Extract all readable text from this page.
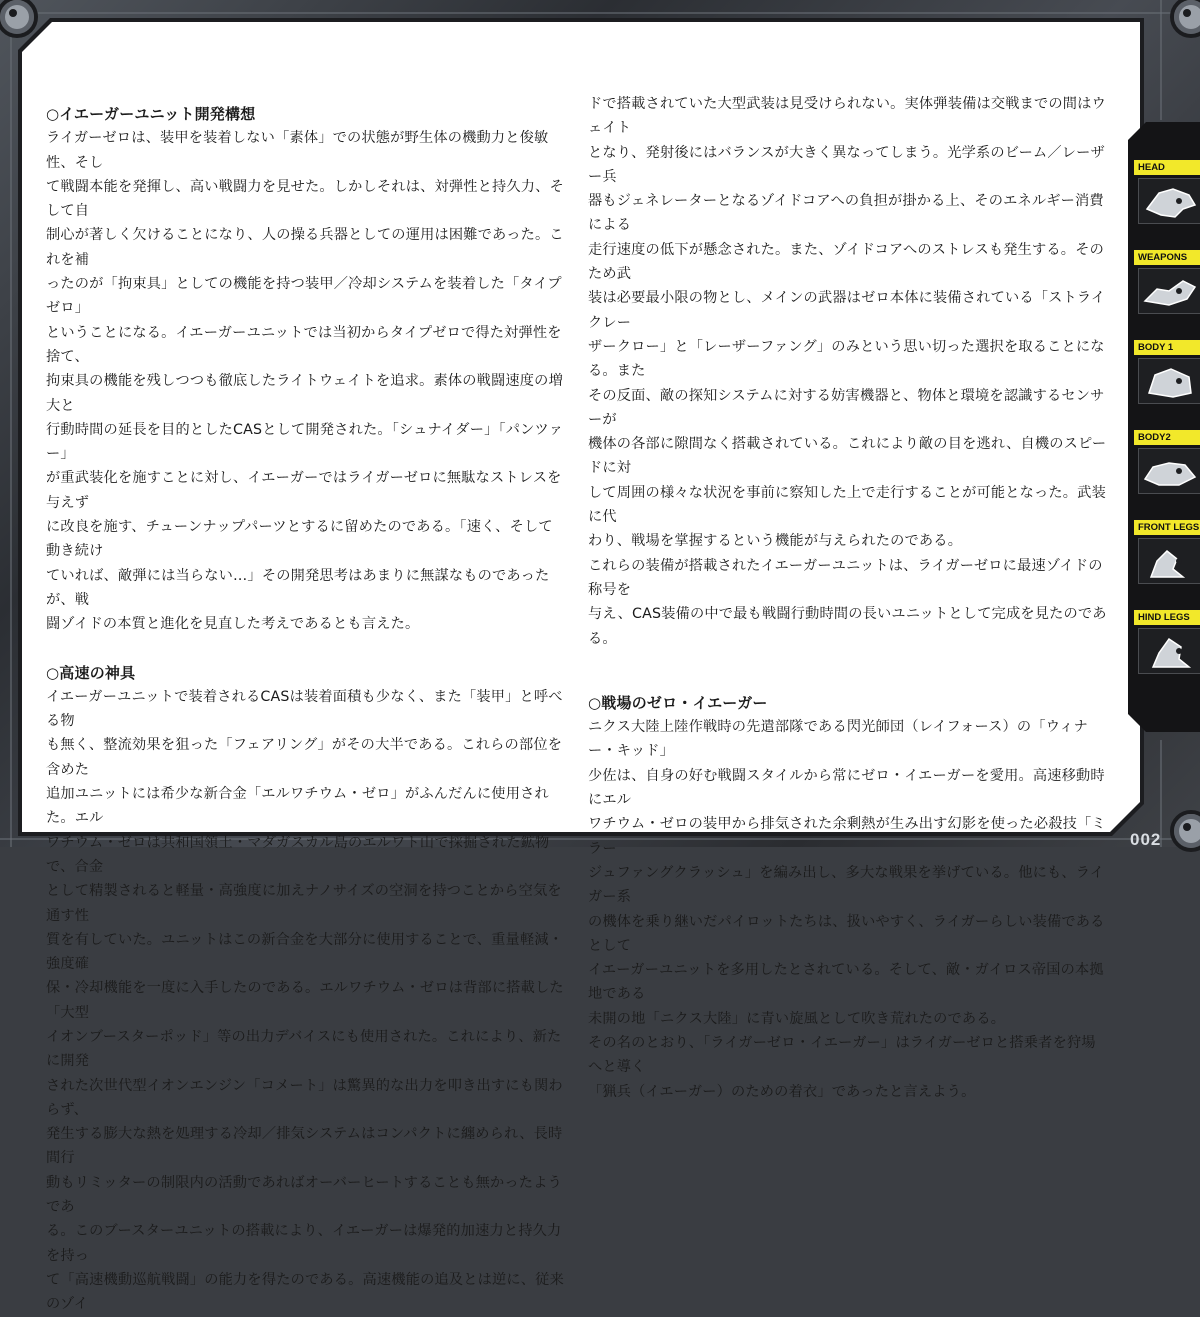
○イエーガーユニット開発構想

ライガーゼロは、装甲を装着しない「素体」での状態が野生体の機動力と俊敏性、そし

て戦闘本能を発揮し、高い戦闘力を見せた。しかしそれは、対弾性と持久力、そして自

制心が著しく欠けることになり、人の操る兵器としての運用は困難であった。これを補

ったのが「拘束具」としての機能を持つ装甲／冷却システムを装着した「タイプゼロ」

ということになる。イエーガーユニットでは当初からタイプゼロで得た対弾性を捨て、

拘束具の機能を残しつつも徹底したライトウェイトを追求。素体の戦闘速度の増大と

行動時間の延長を目的としたCASとして開発された。「シュナイダー」「パンツァー」

が重武装化を施すことに対し、イエーガーではライガーゼロに無駄なストレスを与えず

に改良を施す、チューンナップパーツとするに留めたのである。「速く、そして動き続け

ていれば、敵弾には当らない…」その開発思考はあまりに無謀なものであったが、戦

闘ゾイドの本質と進化を見直した考えであるとも言えた。

○高速の神具

イエーガーユニットで装着されるCASは装着面積も少なく、また「装甲」と呼べる物

も無く、整流効果を狙った「フェアリング」がその大半である。これらの部位を含めた

追加ユニットには希少な新合金「エルワチウム・ゼロ」がふんだんに使用された。エル

ワチウム・ゼロは共和国領土・マダガスカル島のエルワト山で採掘された鉱物で、合金

として精製されると軽量・高強度に加えナノサイズの空洞を持つことから空気を通す性

質を有していた。ユニットはこの新合金を大部分に使用することで、重量軽減・強度確

保・冷却機能を一度に入手したのである。エルワチウム・ゼロは背部に搭載した「大型

イオンブースターポッド」等の出力デバイスにも使用された。これにより、新たに開発

された次世代型イオンエンジン「コメート」は驚異的な出力を叩き出すにも関わらず、

発生する膨大な熱を処理する冷却／排気システムはコンパクトに纏められ、長時間行

動もリミッターの制限内の活動であればオーバーヒートすることも無かったようであ

る。このブースターユニットの搭載により、イエーガーは爆発的加速力と持久力を持っ

て「高速機動巡航戦闘」の能力を得たのである。高速機能の追及とは逆に、従来のゾイ

ドで搭載されていた大型武装は見受けられない。実体弾装備は交戦までの間はウェイト

となり、発射後にはバランスが大きく異なってしまう。光学系のビーム／レーザー兵

器もジェネレーターとなるゾイドコアへの負担が掛かる上、そのエネルギー消費による

走行速度の低下が懸念された。また、ゾイドコアへのストレスも発生する。そのため武

装は必要最小限の物とし、メインの武器はゼロ本体に装備されている「ストライクレー

ザークロー」と「レーザーファング」のみという思い切った選択を取ることになる。また

その反面、敵の探知システムに対する妨害機器と、物体と環境を認識するセンサーが

機体の各部に隙間なく搭載されている。これにより敵の目を逃れ、自機のスピードに対

して周囲の様々な状況を事前に察知した上で走行することが可能となった。武装に代

わり、戦場を掌握するという機能が与えられたのである。

これらの装備が搭載されたイエーガーユニットは、ライガーゼロに最速ゾイドの称号を

与え、CAS装備の中で最も戦闘行動時間の長いユニットとして完成を見たのである。

○戦場のゼロ・イエーガー

ニクス大陸上陸作戦時の先遣部隊である閃光師団（レイフォース）の「ウィナー・キッド」

少佐は、自身の好む戦闘スタイルから常にゼロ・イエーガーを愛用。高速移動時にエル

ワチウム・ゼロの装甲から排気された余剰熱が生み出す幻影を使った必殺技「ミラー

ジュファングクラッシュ」を編み出し、多大な戦果を挙げている。他にも、ライガー系

の機体を乗り継いだパイロットたちは、扱いやすく、ライガーらしい装備であるとして

イエーガーユニットを多用したとされている。そして、敵・ガイロス帝国の本拠地である

未開の地「ニクス大陸」に青い旋風として吹き荒れたのである。

その名のとおり、「ライガーゼロ・イエーガー」はライガーゼロと搭乗者を狩場へと導く

「猟兵（イエーガー）のための着衣」であったと言えよう。

HEAD
WEAPONS
BODY 1
BODY2
FRONT LEGS
HIND LEGS
002
